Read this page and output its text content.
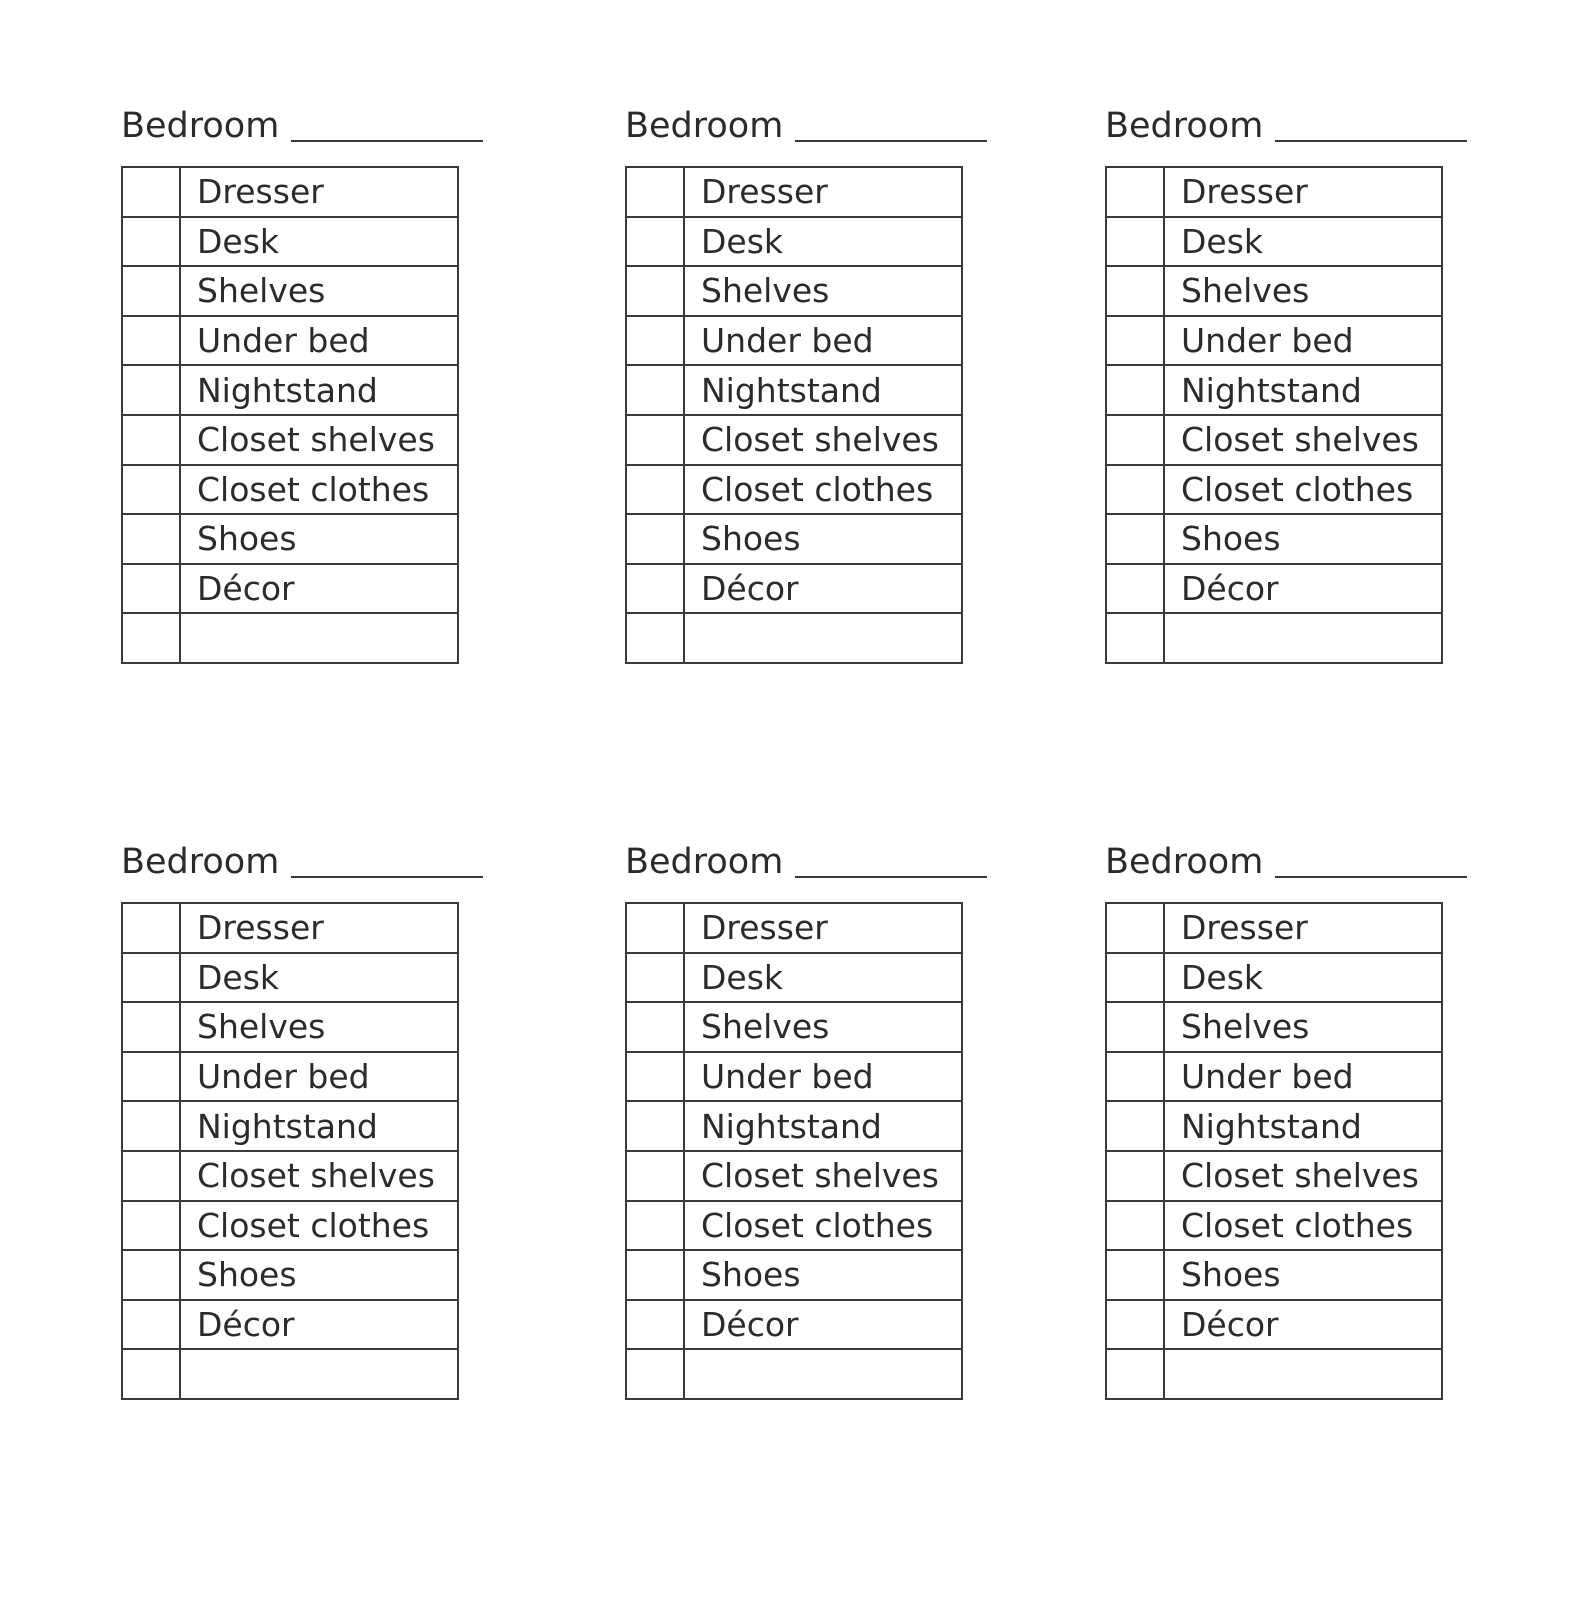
Bedroom
	Dresser
	Desk
	Shelves
	Under bed
	Nightstand
	Closet shelves
	Closet clothes
	Shoes
	Décor

Bedroom
	Dresser
	Desk
	Shelves
	Under bed
	Nightstand
	Closet shelves
	Closet clothes
	Shoes
	Décor

Bedroom
	Dresser
	Desk
	Shelves
	Under bed
	Nightstand
	Closet shelves
	Closet clothes
	Shoes
	Décor

Bedroom
	Dresser
	Desk
	Shelves
	Under bed
	Nightstand
	Closet shelves
	Closet clothes
	Shoes
	Décor

Bedroom
	Dresser
	Desk
	Shelves
	Under bed
	Nightstand
	Closet shelves
	Closet clothes
	Shoes
	Décor

Bedroom
	Dresser
	Desk
	Shelves
	Under bed
	Nightstand
	Closet shelves
	Closet clothes
	Shoes
	Décor
